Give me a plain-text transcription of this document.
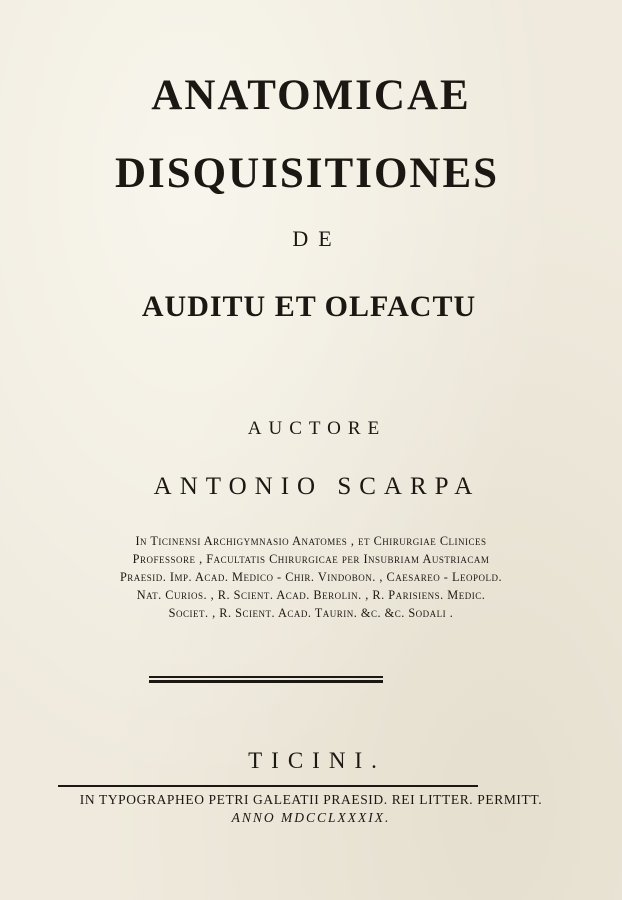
ANATOMICAE
DISQUISITIONES
DE
AUDITU ET OLFACTU
AUCTORE
ANTONIO SCARPA
In Ticinensi Archigymnasio Anatomes , et Chirurgiae Clinices
Professore , Facultatis Chirurgicae per Insubriam Austriacam
Praesid. Imp. Acad. Medico - Chir. Vindobon. , Caesareo - Leopold.
Nat. Curios. , R. Scient. Acad. Berolin. , R. Parisiens. Medic.
Societ. , R. Scient. Acad. Taurin. &c. &c. Sodali .
TICINI.
IN TYPOGRAPHEO PETRI GALEATII PRAESID. REI LITTER. PERMITT.
ANNO MDCCLXXXIX.
